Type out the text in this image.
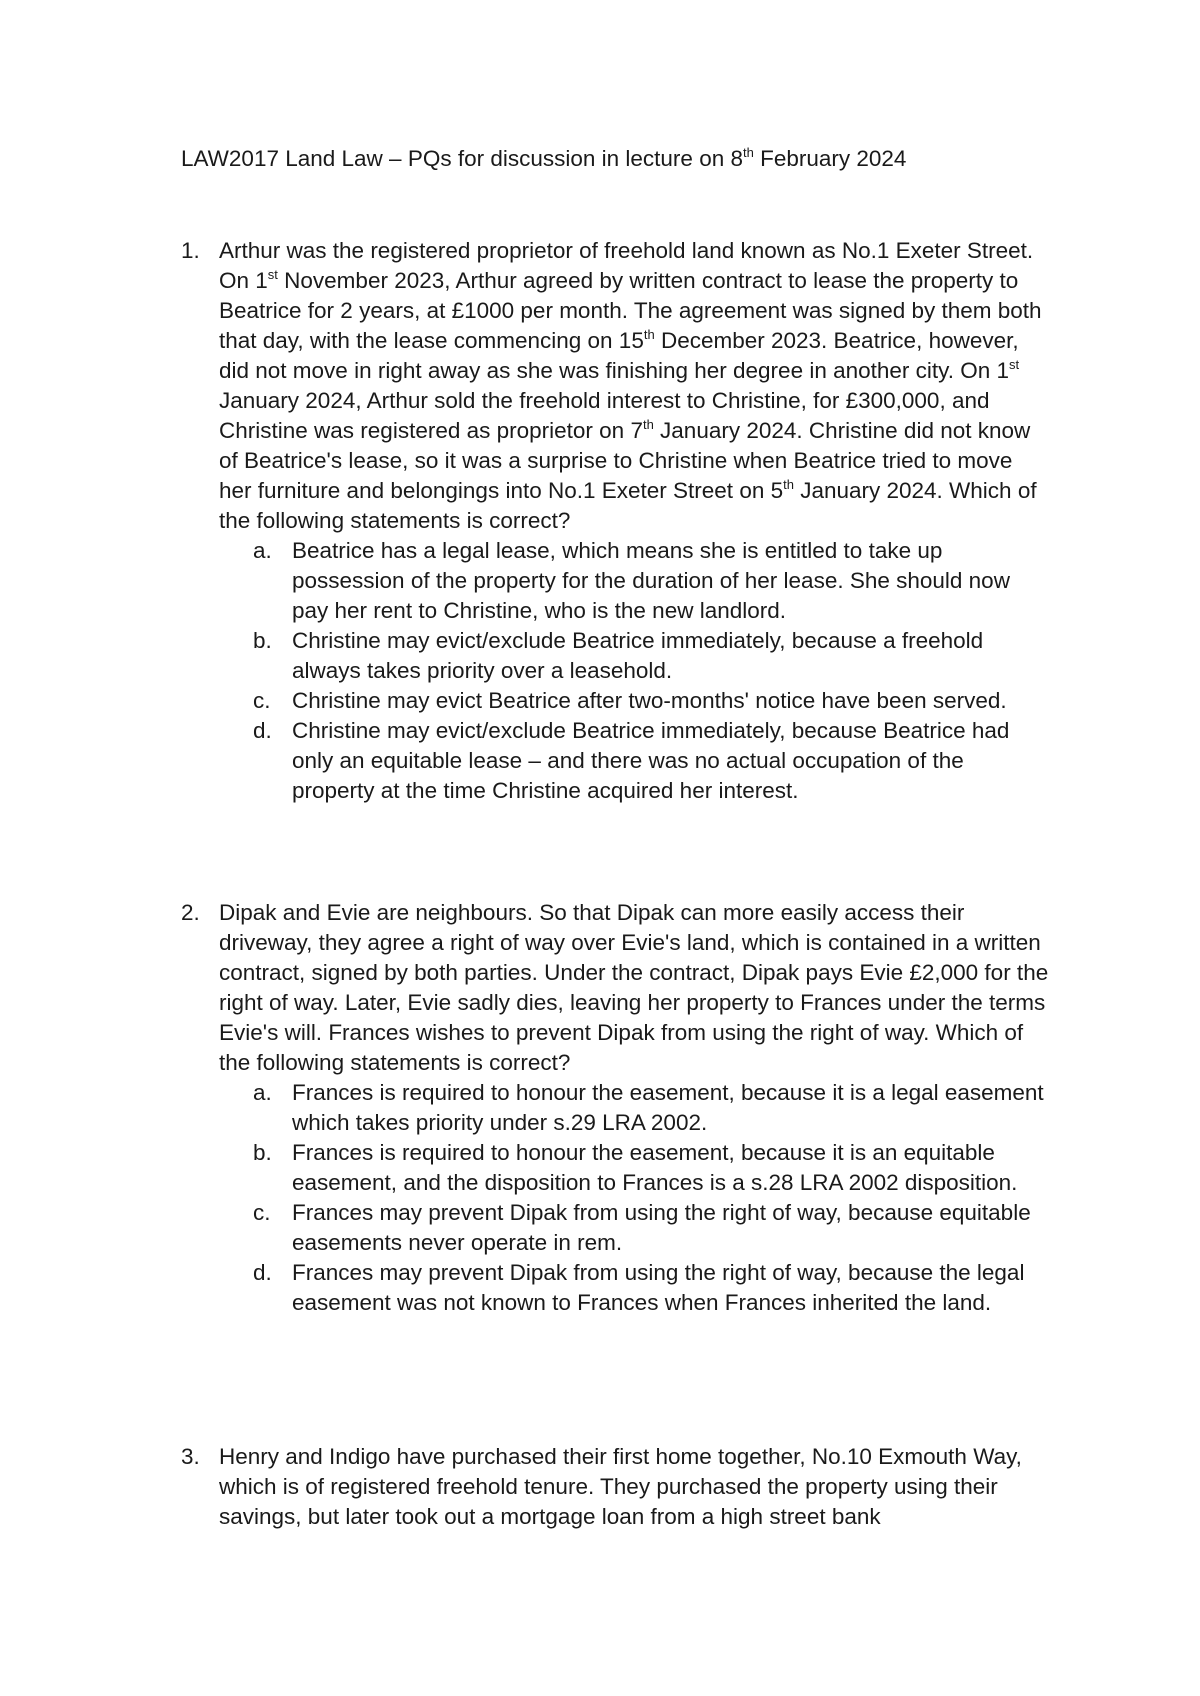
LAW2017 Land Law – PQs for discussion in lecture on 8th February 2024
1. Arthur was the registered proprietor of freehold land known as No.1 Exeter Street. On 1st November 2023, Arthur agreed by written contract to lease the property to Beatrice for 2 years, at £1000 per month. The agreement was signed by them both that day, with the lease commencing on 15th December 2023. Beatrice, however, did not move in right away as she was finishing her degree in another city. On 1st January 2024, Arthur sold the freehold interest to Christine, for £300,000, and Christine was registered as proprietor on 7th January 2024. Christine did not know of Beatrice's lease, so it was a surprise to Christine when Beatrice tried to move her furniture and belongings into No.1 Exeter Street on 5th January 2024. Which of the following statements is correct?
a. Beatrice has a legal lease, which means she is entitled to take up possession of the property for the duration of her lease. She should now pay her rent to Christine, who is the new landlord.
b. Christine may evict/exclude Beatrice immediately, because a freehold always takes priority over a leasehold.
c. Christine may evict Beatrice after two-months' notice have been served.
d. Christine may evict/exclude Beatrice immediately, because Beatrice had only an equitable lease – and there was no actual occupation of the property at the time Christine acquired her interest.
2. Dipak and Evie are neighbours. So that Dipak can more easily access their driveway, they agree a right of way over Evie's land, which is contained in a written contract, signed by both parties. Under the contract, Dipak pays Evie £2,000 for the right of way. Later, Evie sadly dies, leaving her property to Frances under the terms Evie's will. Frances wishes to prevent Dipak from using the right of way. Which of the following statements is correct?
a. Frances is required to honour the easement, because it is a legal easement which takes priority under s.29 LRA 2002.
b. Frances is required to honour the easement, because it is an equitable easement, and the disposition to Frances is a s.28 LRA 2002 disposition.
c. Frances may prevent Dipak from using the right of way, because equitable easements never operate in rem.
d. Frances may prevent Dipak from using the right of way, because the legal easement was not known to Frances when Frances inherited the land.
3. Henry and Indigo have purchased their first home together, No.10 Exmouth Way, which is of registered freehold tenure. They purchased the property using their savings, but later took out a mortgage loan from a high street bank
